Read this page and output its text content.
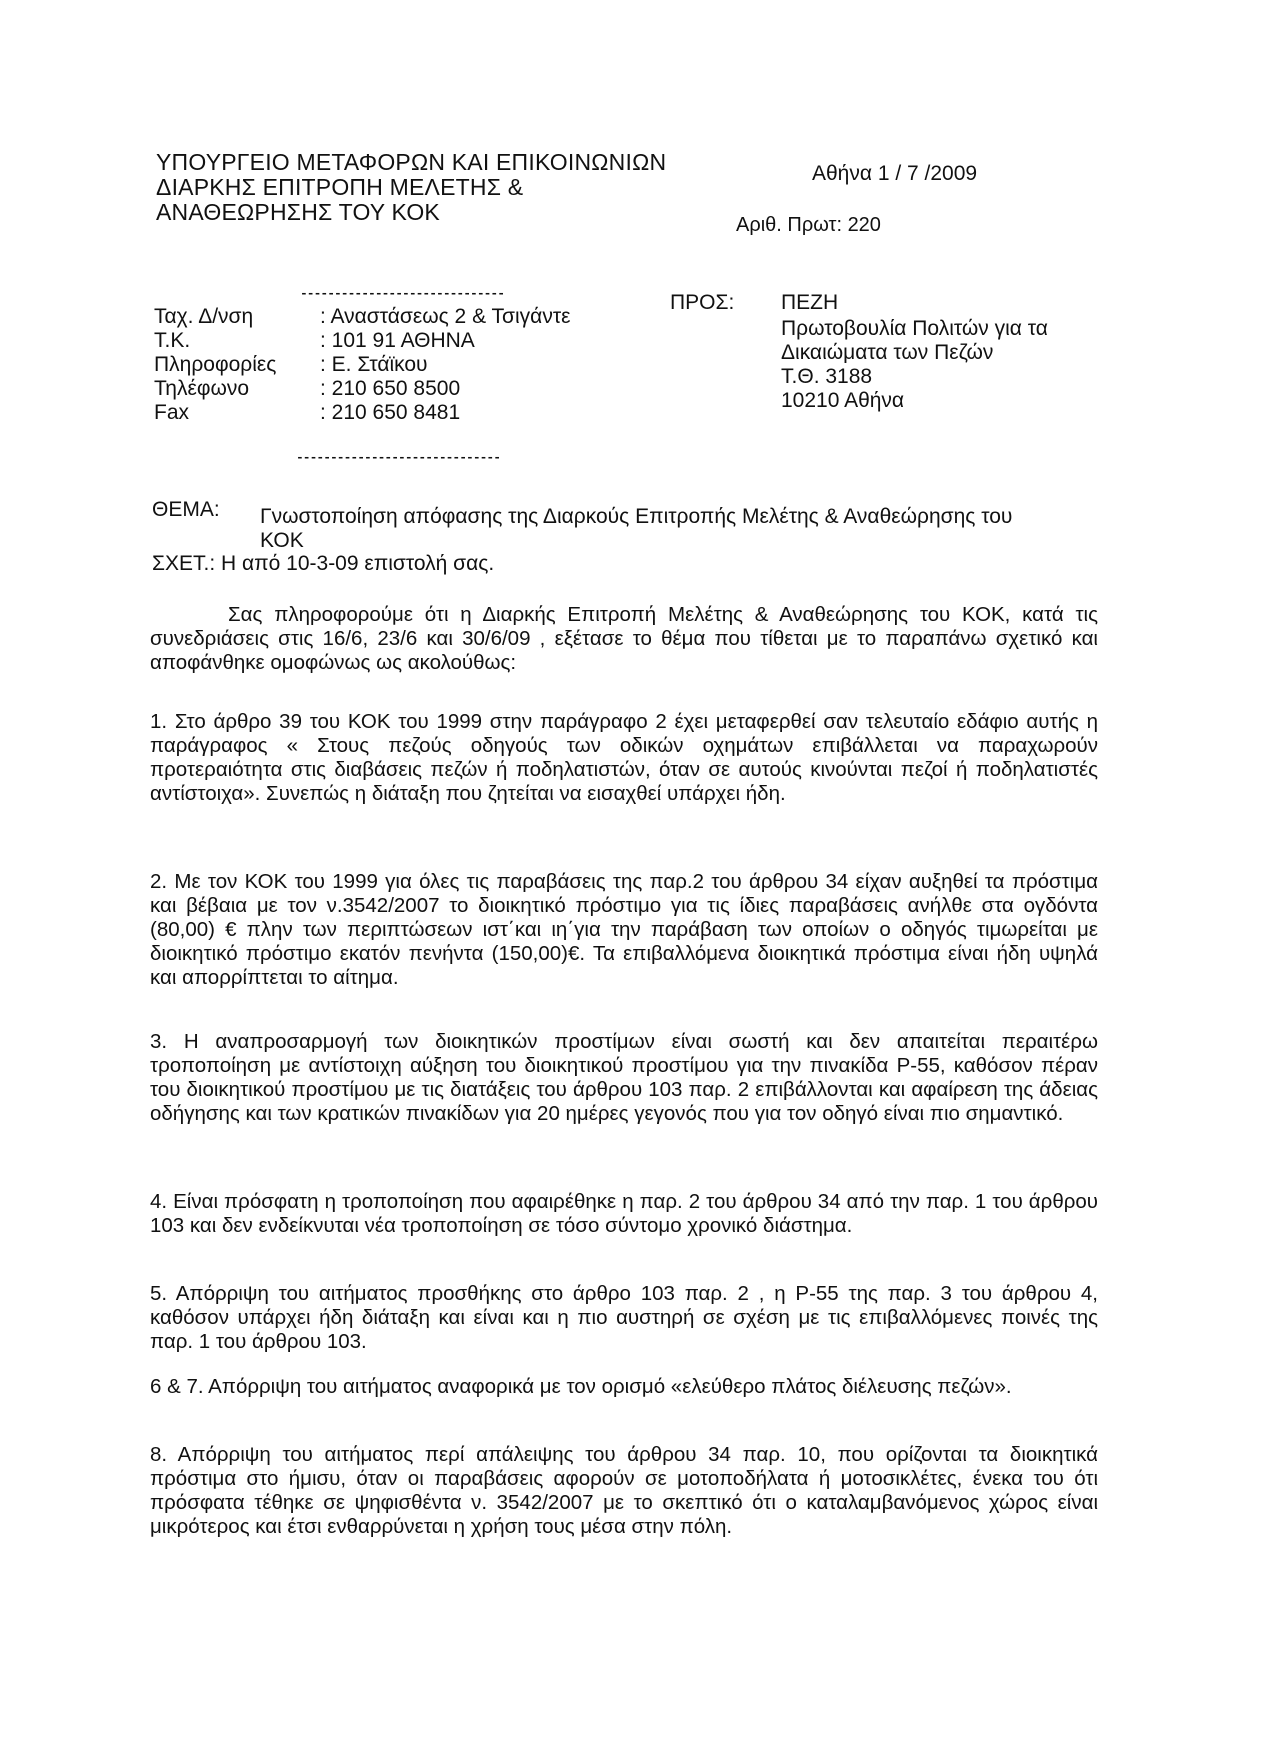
ΥΠΟΥΡΓΕΙΟ ΜΕΤΑΦΟΡΩΝ ΚΑΙ ΕΠΙΚΟΙΝΩΝΙΩΝ
ΔΙΑΡΚΗΣ ΕΠΙΤΡΟΠΗ ΜΕΛΕΤΗΣ &
ΑΝΑΘΕΩΡΗΣΗΣ ΤΟΥ ΚΟΚ
Αθήνα 1 / 7 /2009
Αριθ. Πρωτ: 220
------------------------------
Ταχ. Δ/νση	: Αναστάσεως 2 & Τσιγάντε
Τ.Κ.	: 101 91 ΑΘΗΝΑ
Πληροφορίες	: Ε. Στάϊκου
Τηλέφωνο	: 210 650 8500
Fax	: 210 650 8481
------------------------------
ΠΡΟΣ: ΠΕΖΗ
Πρωτοβουλία Πολιτών για τα
Δικαιώματα των Πεζών
Τ.Θ. 3188
10210 Αθήνα
ΘΕΜΑ: Γνωστοποίηση απόφασης της Διαρκούς Επιτροπής Μελέτης & Αναθεώρησης του
ΚΟΚ
ΣΧΕΤ.: Η από 10-3-09 επιστολή σας.
Σας πληροφορούμε ότι η Διαρκής Επιτροπή Μελέτης & Αναθεώρησης του ΚΟΚ, κατά τις συνεδριάσεις στις 16/6, 23/6 και 30/6/09 , εξέτασε το θέμα που τίθεται με το παραπάνω σχετικό και αποφάνθηκε ομοφώνως ως ακολούθως:
1. Στο άρθρο 39 του ΚΟΚ του 1999 στην παράγραφο 2 έχει μεταφερθεί σαν τελευταίο εδάφιο αυτής η παράγραφος « Στους πεζούς οδηγούς των οδικών οχημάτων επιβάλλεται να παραχωρούν προτεραιότητα στις διαβάσεις πεζών ή ποδηλατιστών, όταν σε αυτούς κινούνται πεζοί ή ποδηλατιστές αντίστοιχα». Συνεπώς η διάταξη που ζητείται να εισαχθεί υπάρχει ήδη.
2. Με τον ΚΟΚ του 1999 για όλες τις παραβάσεις της παρ.2 του άρθρου 34 είχαν αυξηθεί τα πρόστιμα και βέβαια με τον ν.3542/2007 το διοικητικό πρόστιμο για τις ίδιες παραβάσεις ανήλθε στα ογδόντα (80,00) € πλην των περιπτώσεων ιστ΄και ιη΄για την παράβαση των οποίων ο οδηγός τιμωρείται με διοικητικό πρόστιμο εκατόν πενήντα (150,00)€. Τα επιβαλλόμενα διοικητικά πρόστιμα είναι ήδη υψηλά και απορρίπτεται το αίτημα.
3. Η αναπροσαρμογή των διοικητικών προστίμων είναι σωστή και δεν απαιτείται περαιτέρω τροποποίηση με αντίστοιχη αύξηση του διοικητικού προστίμου για την πινακίδα Ρ-55, καθόσον πέραν του διοικητικού προστίμου με τις διατάξεις του άρθρου 103 παρ. 2 επιβάλλονται και αφαίρεση της άδειας οδήγησης και των κρατικών πινακίδων για 20 ημέρες γεγονός που για τον οδηγό είναι πιο σημαντικό.
4. Είναι πρόσφατη η τροποποίηση που αφαιρέθηκε η παρ. 2 του άρθρου 34 από την παρ. 1 του άρθρου 103 και δεν ενδείκνυται νέα τροποποίηση σε τόσο σύντομο χρονικό διάστημα.
5. Απόρριψη του αιτήματος προσθήκης στο άρθρο 103 παρ. 2 , η Ρ-55 της παρ. 3 του άρθρου 4, καθόσον υπάρχει ήδη διάταξη και είναι και η πιο αυστηρή σε σχέση με τις επιβαλλόμενες ποινές της παρ. 1 του άρθρου 103.
6 & 7. Απόρριψη του αιτήματος αναφορικά με τον ορισμό «ελεύθερο πλάτος διέλευσης πεζών».
8. Απόρριψη του αιτήματος περί απάλειψης του άρθρου 34 παρ. 10, που ορίζονται τα διοικητικά πρόστιμα στο ήμισυ, όταν οι παραβάσεις αφορούν σε μοτοποδήλατα ή μοτοσικλέτες, ένεκα του ότι πρόσφατα τέθηκε σε ψηφισθέντα ν. 3542/2007 με το σκεπτικό ότι ο καταλαμβανόμενος χώρος είναι μικρότερος και έτσι ενθαρρύνεται η χρήση τους μέσα στην πόλη.
